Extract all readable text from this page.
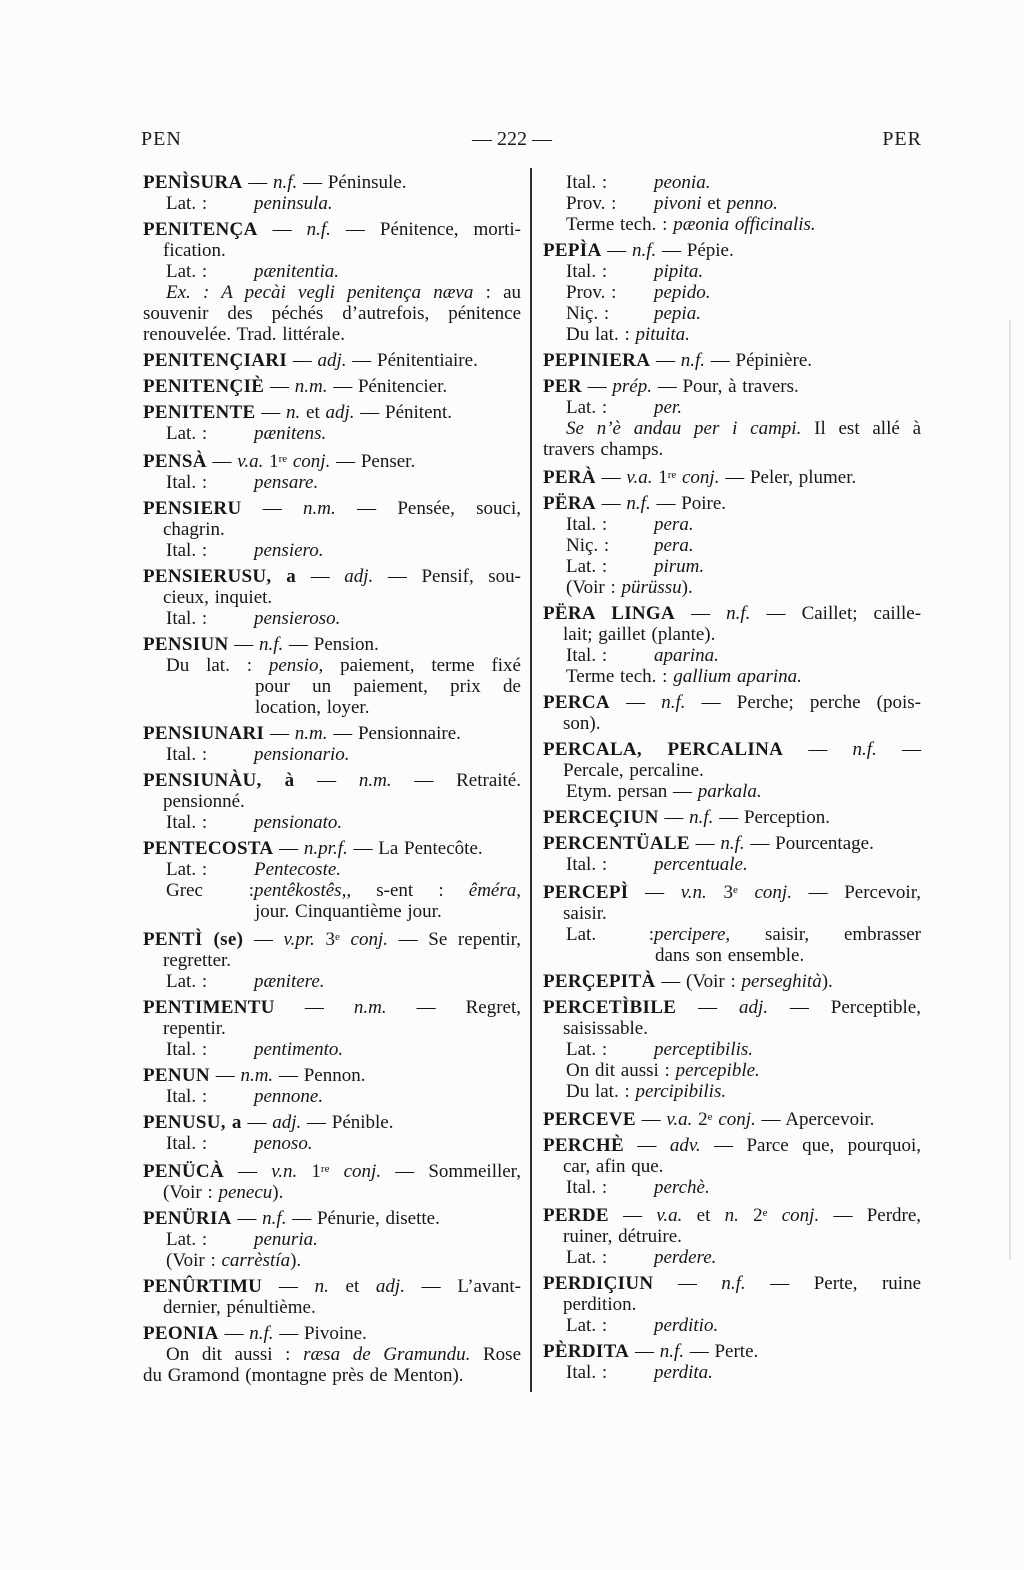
PEN	— 222 —	PER
PENÌSURA — n.f. — Péninsule.
Lat. : peninsula.
PENITENÇA — n.f. — Pénitence, morti-
fication.
Lat. : pænitentia.
Ex. : A pecài vegli penitença næva : au
souvenir des péchés d’autrefois, pénitence
renouvelée. Trad. littérale.
PENITENÇIARI — adj. — Pénitentiaire.
PENITENÇIÈ — n.m. — Pénitencier.
PENITENTE — n. et adj. — Pénitent.
Lat. : pænitens.
PENSÀ — v.a. 1re conj. — Penser.
Ital. : pensare.
PENSIERU — n.m. — Pensée, souci,
chagrin.
Ital. : pensiero.
PENSIERUSU, a — adj. — Pensif, sou-
cieux, inquiet.
Ital. : pensieroso.
PENSIUN — n.f. — Pension.
Du lat. : pensio, paiement, terme fixé
pour un paiement, prix de
location, loyer.
PENSIUNARI — n.m. — Pensionnaire.
Ital. : pensionario.
PENSIUNÀU, à — n.m. — Retraité.
pensionné.
Ital. : pensionato.
PENTECOSTA — n.pr.f. — La Pentecôte.
Lat. : Pentecoste.
Grec :pentêkostês,, s-ent : êméra,
jour. Cinquantième jour.
PENTÌ (se) — v.pr. 3e conj. — Se repentir,
regretter.
Lat. : pænitere.
PENTIMENTU — n.m. — Regret,
repentir.
Ital. : pentimento.
PENUN — n.m. — Pennon.
Ital. : pennone.
PENUSU, a — adj. — Pénible.
Ital. : penoso.
PENÜCÀ — v.n. 1re conj. — Sommeiller,
(Voir : penecu).
PENÜRIA — n.f. — Pénurie, disette.
Lat. : penuria.
(Voir : carrèstía).
PENÛRTIMU — n. et adj. — L’avant-
dernier, pénultième.
PEONIA — n.f. — Pivoine.
On dit aussi : ræsa de Gramundu. Rose
du Gramond (montagne près de Menton).
Ital. : peonia.
Prov. : pivoni et penno.
Terme tech. : pæonia officinalis.
PEPÌA — n.f. — Pépie.
Ital. : pipita.
Prov. : pepido.
Niç. : pepia.
Du lat. : pituita.
PEPINIERA — n.f. — Pépinière.
PER — prép. — Pour, à travers.
Lat. : per.
Se n’è andau per i campi. Il est allé à
travers champs.
PERÀ — v.a. 1re conj. — Peler, plumer.
PËRA — n.f. — Poire.
Ital. : pera.
Niç. : pera.
Lat. : pirum.
(Voir : pürüssu).
PËRA LINGA — n.f. — Caillet; caille-
lait; gaillet (plante).
Ital. : aparina.
Terme tech. : gallium aparina.
PERCA — n.f. — Perche; perche (pois-
son).
PERCALA, PERCALINA — n.f. —
Percale, percaline.
Etym. persan — parkala.
PERCEÇIUN — n.f. — Perception.
PERCENTÜALE — n.f. — Pourcentage.
Ital. : percentuale.
PERCEPÌ — v.n. 3e conj. — Percevoir,
saisir.
Lat. :percipere, saisir, embrasser
dans son ensemble.
PERÇEPITÀ — (Voir : perseghità).
PERCETÌBILE — adj. — Perceptible,
saisissable.
Lat. : perceptibilis.
On dit aussi : percepible.
Du lat. : percipibilis.
PERCEVE — v.a. 2e conj. — Apercevoir.
PERCHÈ — adv. — Parce que, pourquoi,
car, afin que.
Ital. : perchè.
PERDE — v.a. et n. 2e conj. — Perdre,
ruiner, détruire.
Lat. : perdere.
PERDIÇIUN — n.f. — Perte, ruine
perdition.
Lat. : perditio.
PÈRDITA — n.f. — Perte.
Ital. : perdita.
